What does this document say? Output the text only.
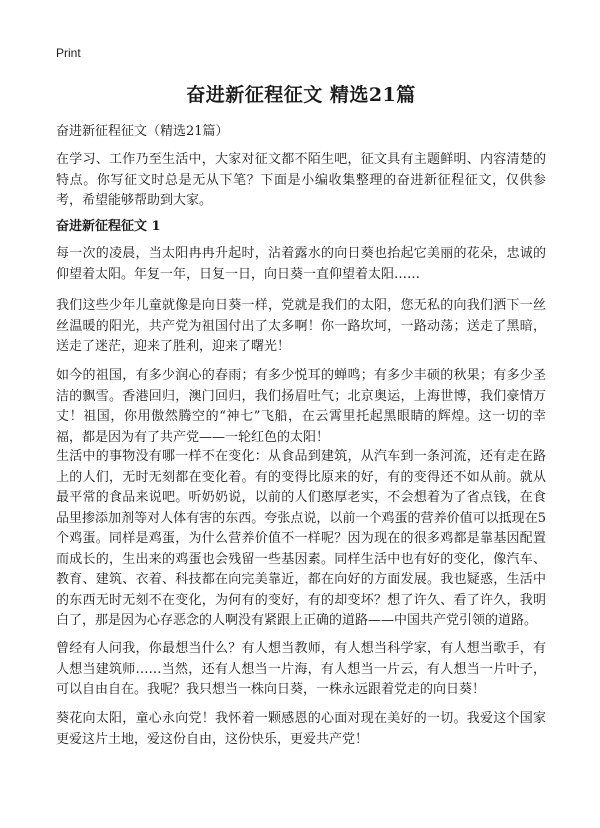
Print
奋进新征程征文 精选21篇
奋进新征程征文（精选21篇）

在学习、工作乃至生活中，大家对征文都不陌生吧，征文具有主题鲜明、内容清楚的特点。你写征文时总是无从下笔？下面是小编收集整理的奋进新征程征文，仅供参考，希望能够帮助到大家。

奋进新征程征文 1

每一次的凌晨，当太阳冉冉升起时，沾着露水的向日葵也抬起它美丽的花朵，忠诚的仰望着太阳。年复一年，日复一日，向日葵一直仰望着太阳……

我们这些少年儿童就像是向日葵一样，党就是我们的太阳，您无私的向我们洒下一丝丝温暖的阳光，共产党为祖国付出了太多啊！你一路坎坷，一路动荡；送走了黑暗，送走了迷茫，迎来了胜利，迎来了曙光！

如今的祖国，有多少润心的春雨；有多少悦耳的蝉鸣；有多少丰硕的秋果；有多少圣洁的飘雪。香港回归，澳门回归，我们扬眉吐气；北京奥运，上海世博，我们豪情万丈！祖国，你用傲然腾空的“神七”飞船，在云霄里托起黑眼睛的辉煌。这一切的幸福，都是因为有了共产党——一轮红色的太阳！

生活中的事物没有哪一样不在变化：从食品到建筑，从汽车到一条河流，还有走在路上的人们，无时无刻都在变化着。有的变得比原来的好，有的变得还不如从前。就从最平常的食品来说吧。听奶奶说，以前的人们憨厚老实，不会想着为了省点钱，在食品里掺添加剂等对人体有害的东西。夸张点说，以前一个鸡蛋的营养价值可以抵现在5个鸡蛋。同样是鸡蛋，为什么营养价值不一样呢？因为现在的很多鸡都是靠基因配置而成长的，生出来的鸡蛋也会残留一些基因素。同样生活中也有好的变化，像汽车、教育、建筑、衣着、科技都在向完美靠近，都在向好的方面发展。我也疑惑，生活中的东西无时无刻不在变化，为何有的变好，有的却变坏？想了许久、看了许久，我明白了，那是因为心存恶念的人啊没有紧跟上正确的道路——中国共产党引领的道路。

曾经有人问我，你最想当什么？有人想当教师，有人想当科学家，有人想当歌手，有人想当建筑师……当然，还有人想当一片海，有人想当一片云，有人想当一片叶子，可以自由自在。我呢？我只想当一株向日葵，一株永远跟着党走的向日葵！

葵花向太阳，童心永向党！我怀着一颗感恩的心面对现在美好的一切。我爱这个国家更爱这片土地，爱这份自由，这份快乐，更爱共产党！
